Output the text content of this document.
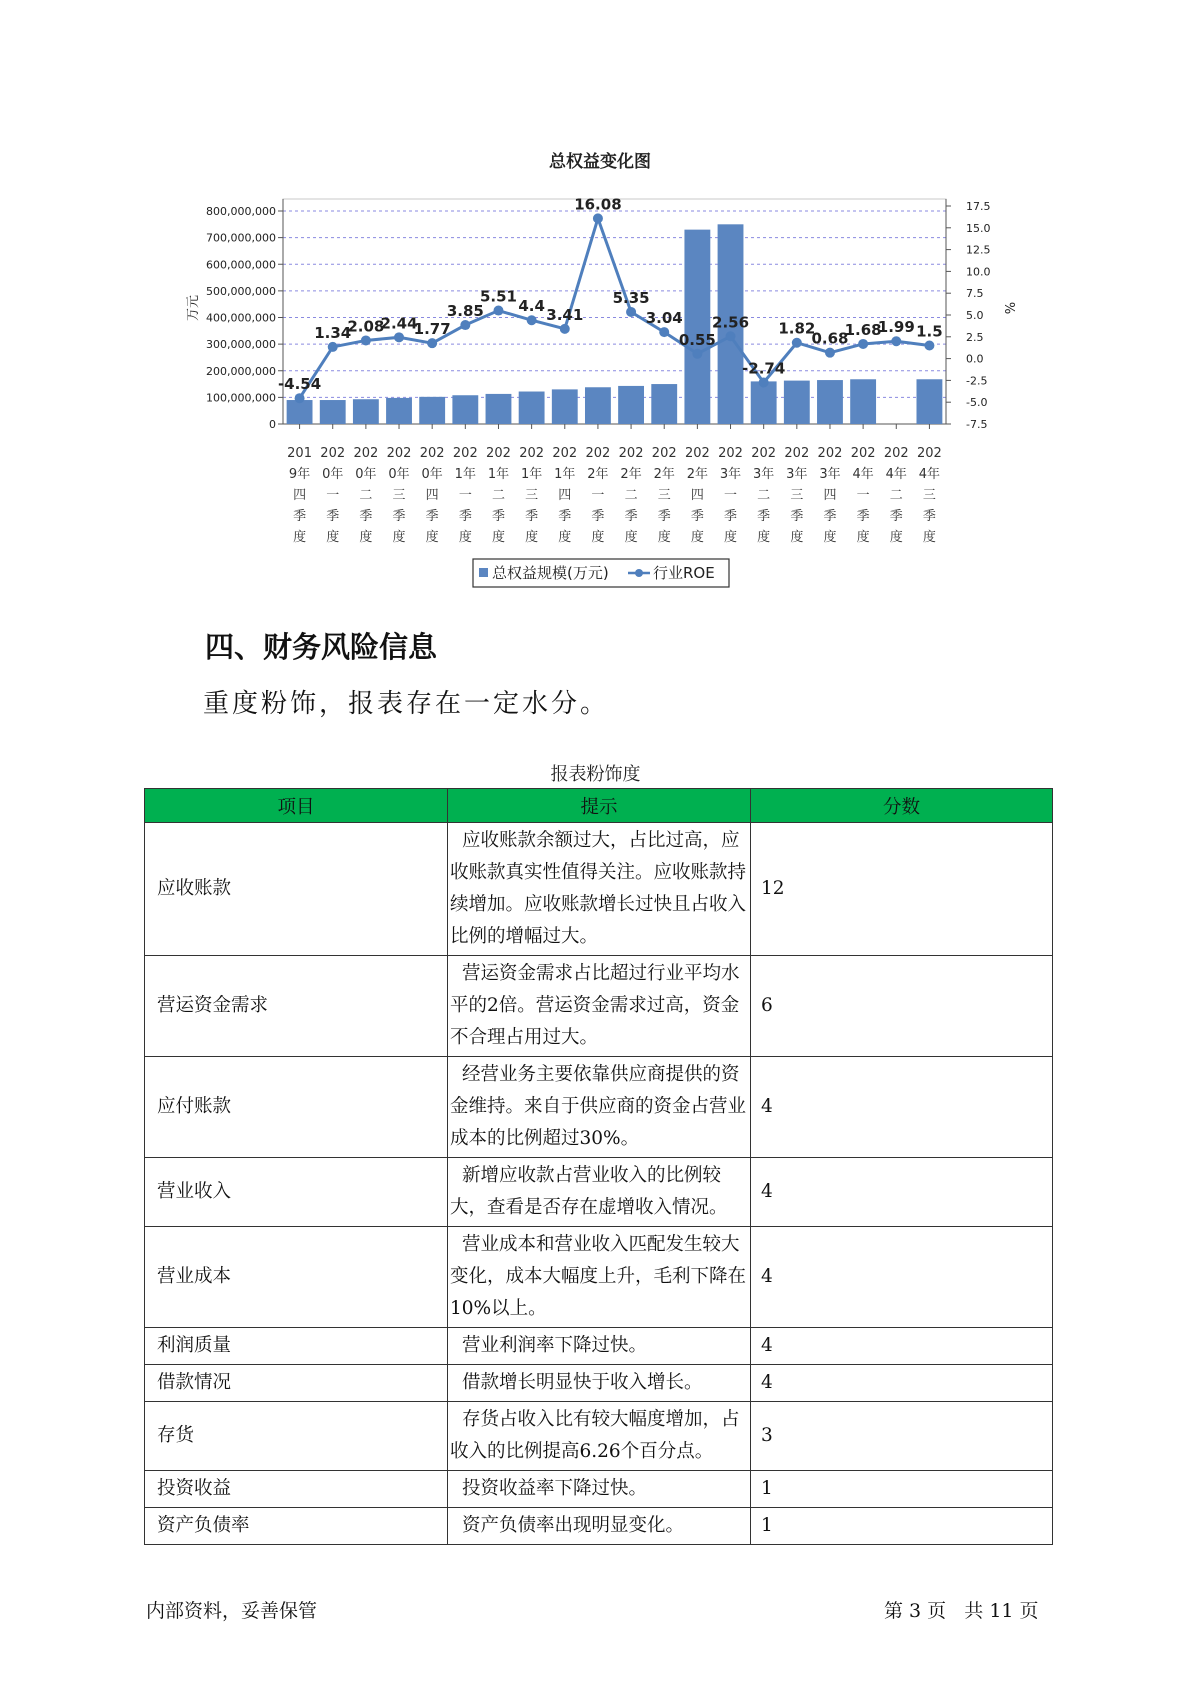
0
100,000,000
200,000,000
300,000,000
400,000,000
500,000,000
600,000,000
700,000,000
800,000,000
-7.5
-5.0
-2.5
0.0
2.5
5.0
7.5
10.0
12.5
15.0
17.5
总权益变化图
万元	%
-4.54
1.34
2.08
2.44
1.77
3.85
5.51
4.4 3.41
16.08
5.35
3.04
0.55
2.56
-2.74
1.82
0.68
1.68
1.99 1.5
201
9年
四
季
度
202
0年
一
季
度
202
0年
二
季
度
202
0年
三
季
度
202
0年
四
季
度
202
1年
一
季
度
202
1年
二
季
度
202
1年
三
季
度
202
1年
四
季
度
202
2年
一
季
度
202
2年
二
季
度
202
2年
三
季
度
202
2年
四
季
度
202
3年
一
季
度
202
3年
二
季
度
202
3年
三
季
度
202
3年
四
季
度
202
4年
一
季
度
202
4年
二
季
度
202
4年
三
季
度
总权益规模(万元)	行业ROE
四、财务风险信息

重度粉饰，报表存在一定水分。

报表粉饰度
项目	提示	分数
应收账款	应收账款余额过大，占比过高，应收账款真实性值得关注。应收账款持续增加。应收账款增长过快且占收入比例的增幅过大。	12
营运资金需求	营运资金需求占比超过行业平均水平的2倍。营运资金需求过高，资金不合理占用过大。	6
应付账款	经营业务主要依靠供应商提供的资金维持。来自于供应商的资金占营业成本的比例超过30%。	4
营业收入	新增应收款占营业收入的比例较大，查看是否存在虚增收入情况。	4
营业成本	营业成本和营业收入匹配发生较大变化，成本大幅度上升，毛利下降在10%以上。	4
利润质量	营业利润率下降过快。	4
借款情况	借款增长明显快于收入增长。	4
存货	存货占收入比有较大幅度增加，占收入的比例提高6.26个百分点。	3
投资收益	投资收益率下降过快。	1
资产负债率	资产负债率出现明显变化。	1
内部资料，妥善保管	第 3 页   共 11 页
